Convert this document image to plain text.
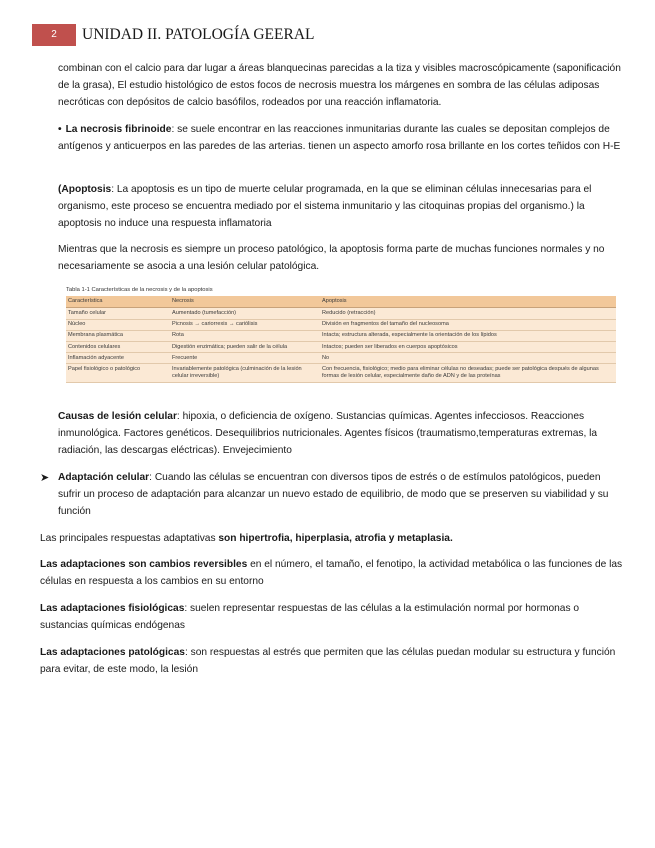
2	UNIDAD II. PATOLOGÍA GEERAL

combinan con el calcio para dar lugar a áreas blanquecinas parecidas a la tiza y visibles macroscópicamente (saponificación de la grasa), El estudio histológico de estos focos de necrosis muestra los márgenes en sombra de las células adiposas necróticas con depósitos de calcio basófilos, rodeados por una reacción inflamatoria.

• La necrosis fibrinoide: se suele encontrar en las reacciones inmunitarias durante las cuales se depositan complejos de antígenos y anticuerpos en las paredes de las arterias. tienen un aspecto amorfo rosa brillante en los cortes teñidos con H-E

(Apoptosis: La apoptosis es un tipo de muerte celular programada, en la que se eliminan células innecesarias para el organismo, este proceso se encuentra mediado por el sistema inmunitario y las citoquinas propias del organismo.) la apoptosis no induce una respuesta inflamatoria

Mientras que la necrosis es siempre un proceso patológico, la apoptosis forma parte de muchas funciones normales y no necesariamente se asocia a una lesión celular patológica.

Tabla 1-1 Características de la necrosis y de la apoptosis
Característica	Necrosis	Apoptosis
Tamaño celular	Aumentado (tumefacción)	Reducido (retracción)
Núcleo	Picnosis → cariorrexis → cariólisis	División en fragmentos del tamaño del nucleosoma
Membrana plasmática	Rota	Intacta; estructura alterada, especialmente la orientación de los lípidos
Contenidos celulares	Digestión enzimática; pueden salir de la célula	Intactos; pueden ser liberados en cuerpos apoptósicos
Inflamación adyacente	Frecuente	No
Papel fisiológico o patológico	Invariablemente patológica (culminación de la lesión celular irreversible)	Con frecuencia, fisiológico; medio para eliminar células no deseadas; puede ser patológica después de algunas formas de lesión celular, especialmente daño de ADN y de las proteínas

Causas de lesión celular: hipoxia, o deficiencia de oxígeno. Sustancias químicas. Agentes infecciosos. Reacciones inmunológica. Factores genéticos. Desequilibrios nutricionales. Agentes físicos (traumatismo,temperaturas extremas, la radiación, las descargas eléctricas). Envejecimiento

➤ Adaptación celular: Cuando las células se encuentran con diversos tipos de estrés o de estímulos patológicos, pueden sufrir un proceso de adaptación para alcanzar un nuevo estado de equilibrio, de modo que se preserven su viabilidad y su función

Las principales respuestas adaptativas son hipertrofia, hiperplasia, atrofia y metaplasia.

Las adaptaciones son cambios reversibles en el número, el tamaño, el fenotipo, la actividad metabólica o las funciones de las células en respuesta a los cambios en su entorno

Las adaptaciones fisiológicas: suelen representar respuestas de las células a la estimulación normal por hormonas o sustancias químicas endógenas

Las adaptaciones patológicas: son respuestas al estrés que permiten que las células puedan modular su estructura y función para evitar, de este modo, la lesión
